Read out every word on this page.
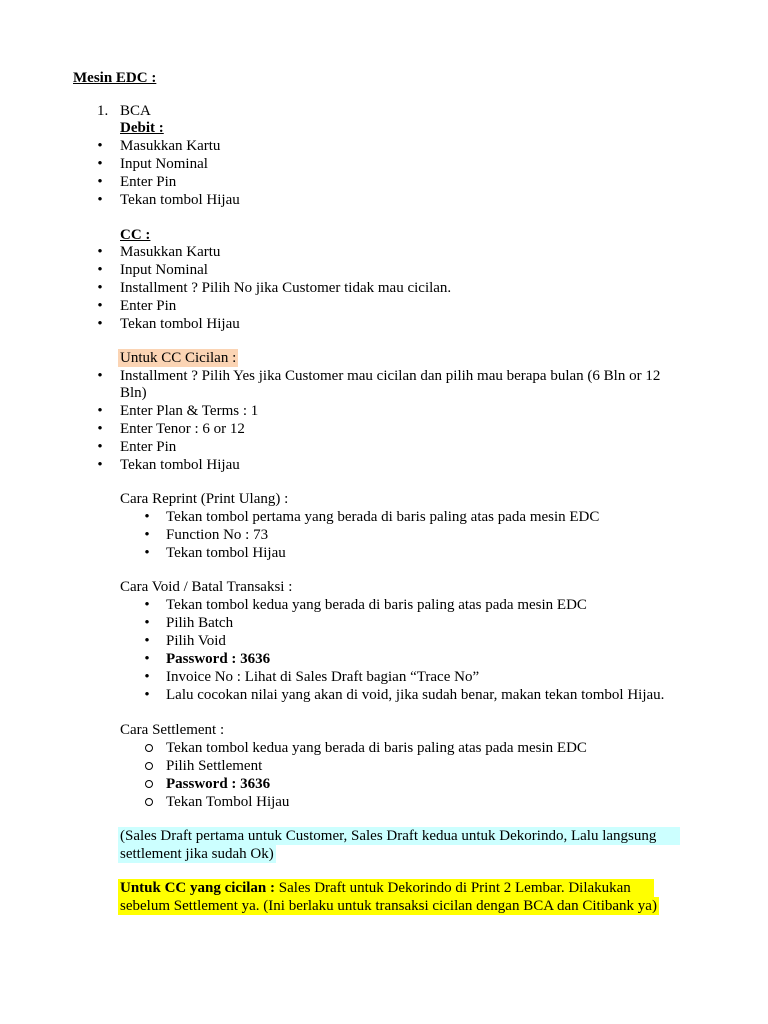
Mesin EDC :
1. BCA
Debit :
• Masukkan Kartu
• Input Nominal
• Enter Pin
• Tekan tombol Hijau
CC :
• Masukkan Kartu
• Input Nominal
• Installment ? Pilih No jika Customer tidak mau cicilan.
• Enter Pin
• Tekan tombol Hijau
Untuk CC Cicilan :
• Installment ? Pilih Yes jika Customer mau cicilan dan pilih mau berapa bulan (6 Bln or 12
Bln)
• Enter Plan & Terms : 1
• Enter Tenor : 6 or 12
• Enter Pin
• Tekan tombol Hijau
Cara Reprint (Print Ulang) :
• Tekan tombol pertama yang berada di baris paling atas pada mesin EDC
• Function No : 73
• Tekan tombol Hijau
Cara Void / Batal Transaksi :
• Tekan tombol kedua yang berada di baris paling atas pada mesin EDC
• Pilih Batch
• Pilih Void
• Password : 3636
• Invoice No : Lihat di Sales Draft bagian “Trace No”
• Lalu cocokan nilai yang akan di void, jika sudah benar, makan tekan tombol Hijau.
Cara Settlement :
Tekan tombol kedua yang berada di baris paling atas pada mesin EDC
Pilih Settlement
Password : 3636
Tekan Tombol Hijau
(Sales Draft pertama untuk Customer, Sales Draft kedua untuk Dekorindo, Lalu langsung
settlement jika sudah Ok)
Untuk CC yang cicilan : Sales Draft untuk Dekorindo di Print 2 Lembar. Dilakukan
sebelum Settlement ya. (Ini berlaku untuk transaksi cicilan dengan BCA dan Citibank ya)
